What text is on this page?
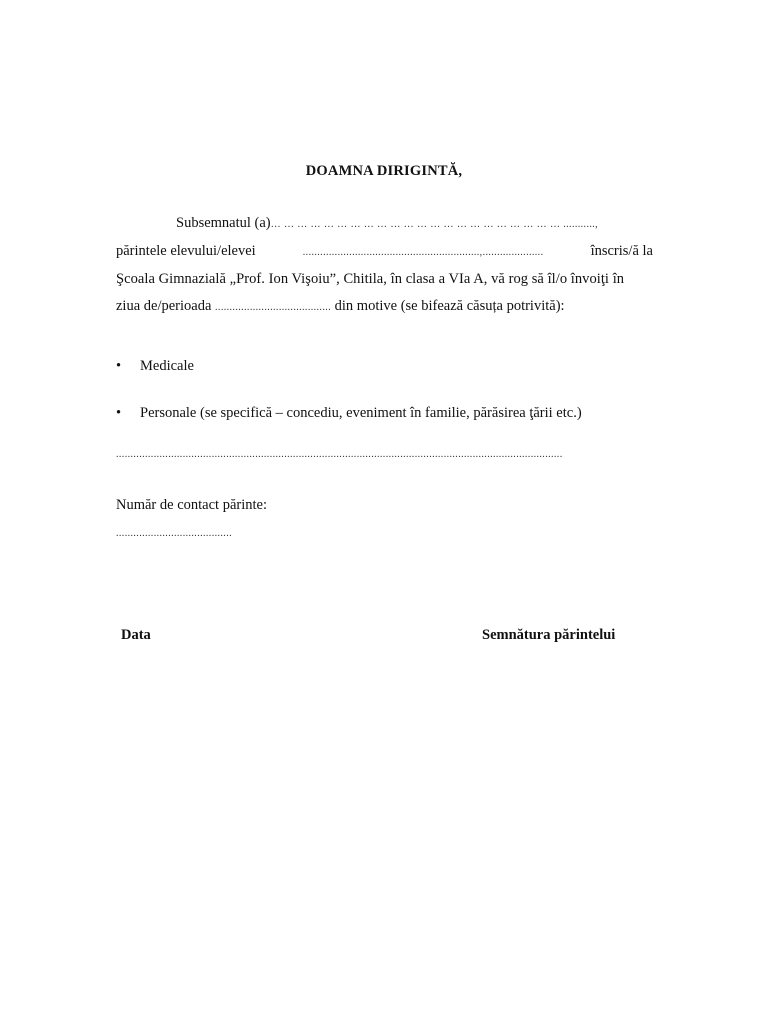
DOAMNA DIRIGINTĂ,
Subsemnatul (a)… … … … … … … … … … … … … … … … … … … … … … ...........,
părintele elevului/elevei	.............................................................,.....................	înscris/ă la
Şcoala Gimnazială „Prof. Ion Vişoiu”, Chitila, în clasa a VIa A, vă rog să îl/o învoiţi în
ziua de/perioada ........................................ din motive (se bifează căsuța potrivită):
• Medicale
• Personale (se specifică – concediu, eveniment în familie, părăsirea ţării etc.)
..........................................................................................................................................................
Număr de contact părinte:
........................................
Data	Semnătura părintelui
